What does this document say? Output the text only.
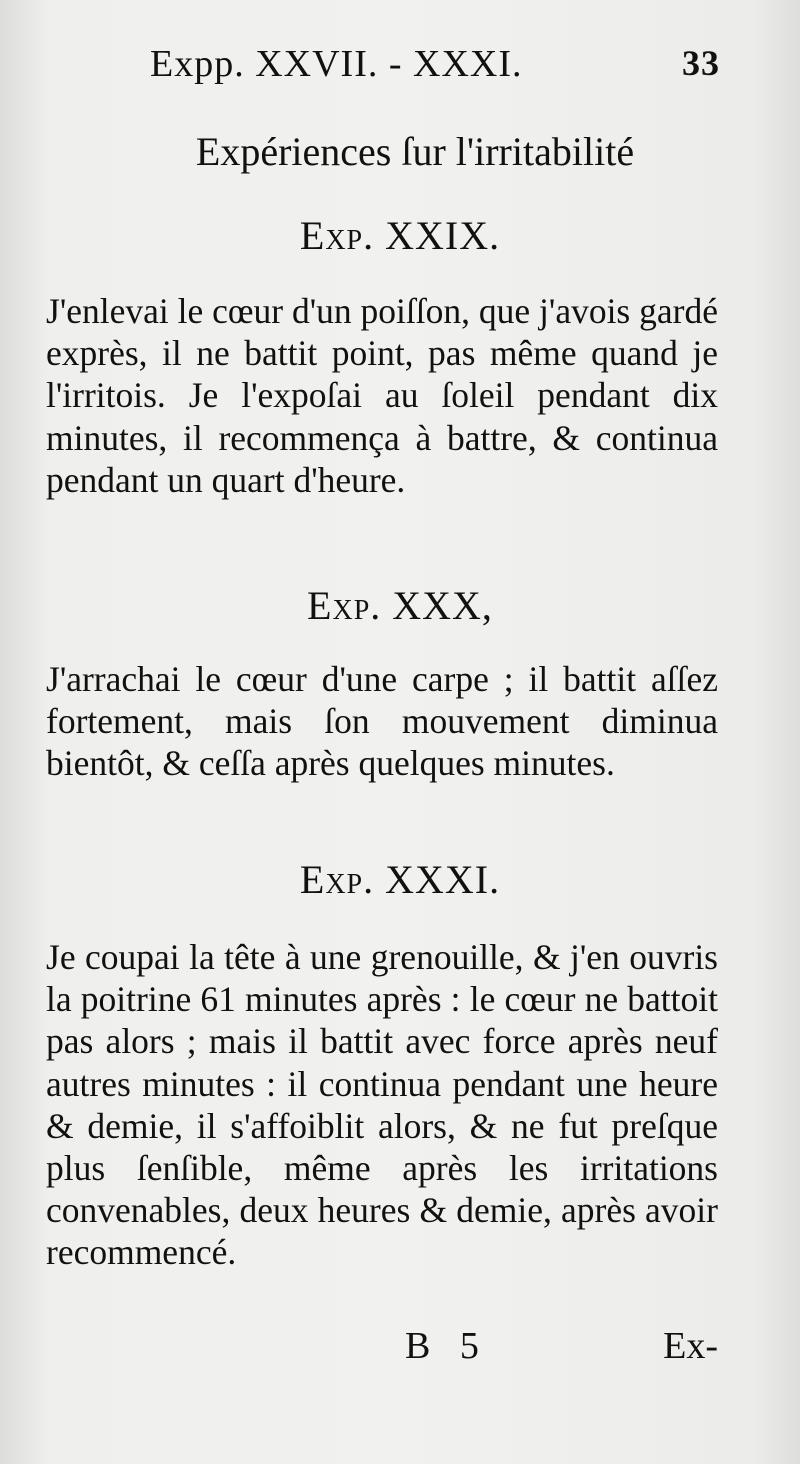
Expp. XXVII. - XXXI.	33
Expériences ſur l'irritabilité
Exp. XXIX.

J'enlevai le cœur d'un poiſſon, que j'avois gardé exprès, il ne battit point, pas même quand je l'irritois. Je l'expoſai au ſoleil pendant dix minutes, il recommença à battre, & continua pendant un quart d'heure.

Exp. XXX,

J'arrachai le cœur d'une carpe ; il battit aſſez fortement, mais ſon mouvement diminua bientôt, & ceſſa après quelques minutes.

Exp. XXXI.

Je coupai la tête à une grenouille, & j'en ouvris la poitrine 61 minutes après : le cœur ne battoit pas alors ; mais il battit avec force après neuf autres minutes : il continua pendant une heure & demie, il s'affoiblit alors, & ne fut preſque plus ſenſible, même après les irritations convenables, deux heures & demie, après avoir recommencé.

B 5	Ex-
